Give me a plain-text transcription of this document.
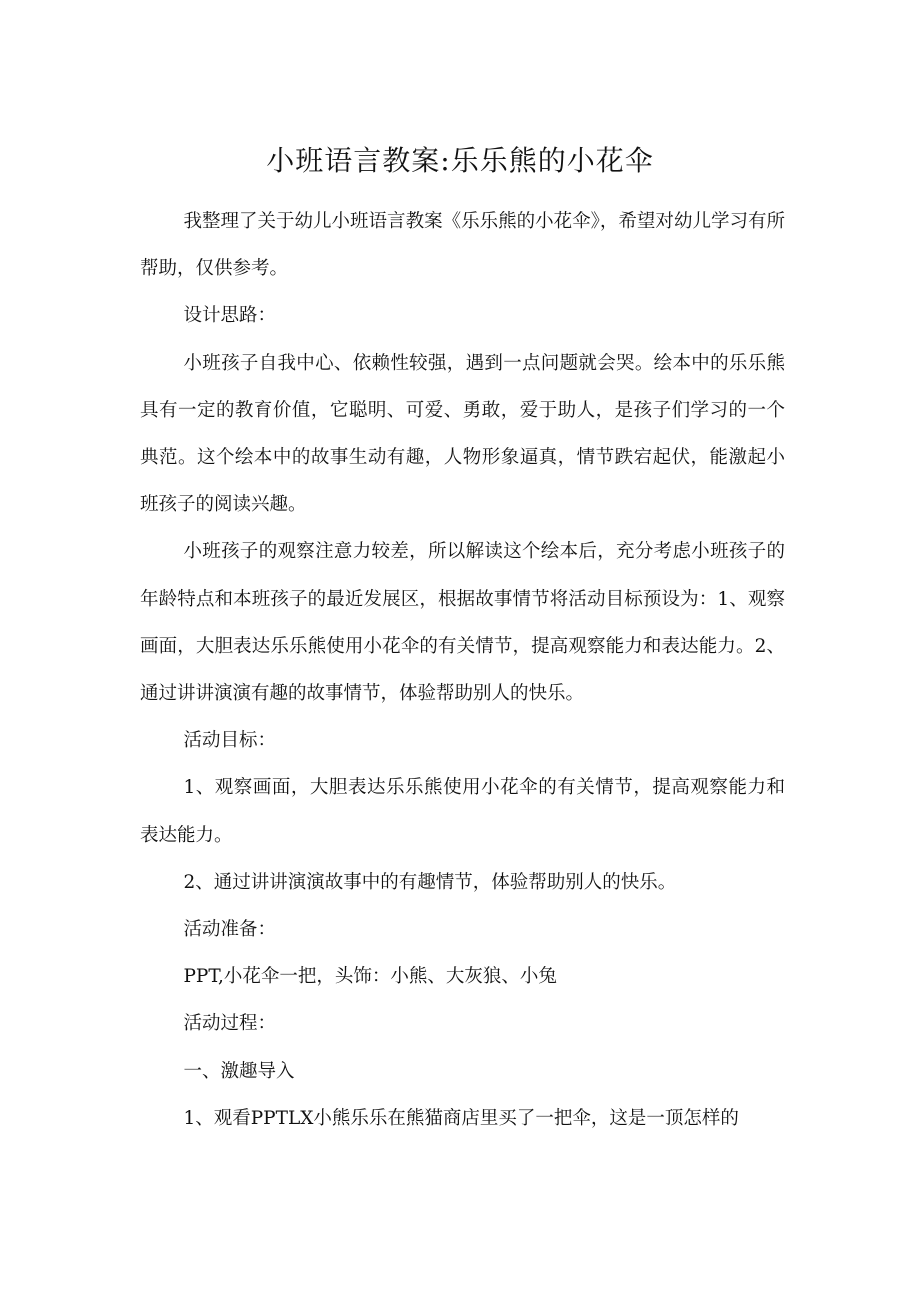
小班语言教案:乐乐熊的小花伞

我整理了关于幼儿小班语言教案《乐乐熊的小花伞》，希望对幼儿学习有所帮助，仅供参考。

设计思路：

小班孩子自我中心、依赖性较强，遇到一点问题就会哭。绘本中的乐乐熊具有一定的教育价值，它聪明、可爱、勇敢，爱于助人，是孩子们学习的一个典范。这个绘本中的故事生动有趣，人物形象逼真，情节跌宕起伏，能激起小班孩子的阅读兴趣。

小班孩子的观察注意力较差，所以解读这个绘本后，充分考虑小班孩子的年龄特点和本班孩子的最近发展区，根据故事情节将活动目标预设为：1、观察画面，大胆表达乐乐熊使用小花伞的有关情节，提高观察能力和表达能力。2、通过讲讲演演有趣的故事情节，体验帮助别人的快乐。

活动目标：

1、观察画面，大胆表达乐乐熊使用小花伞的有关情节，提高观察能力和表达能力。

2、通过讲讲演演故事中的有趣情节，体验帮助别人的快乐。

活动准备：

PPT,小花伞一把，头饰：小熊、大灰狼、小兔

活动过程：

一、激趣导入

1、观看PPTLX小熊乐乐在熊猫商店里买了一把伞，这是一顶怎样的
